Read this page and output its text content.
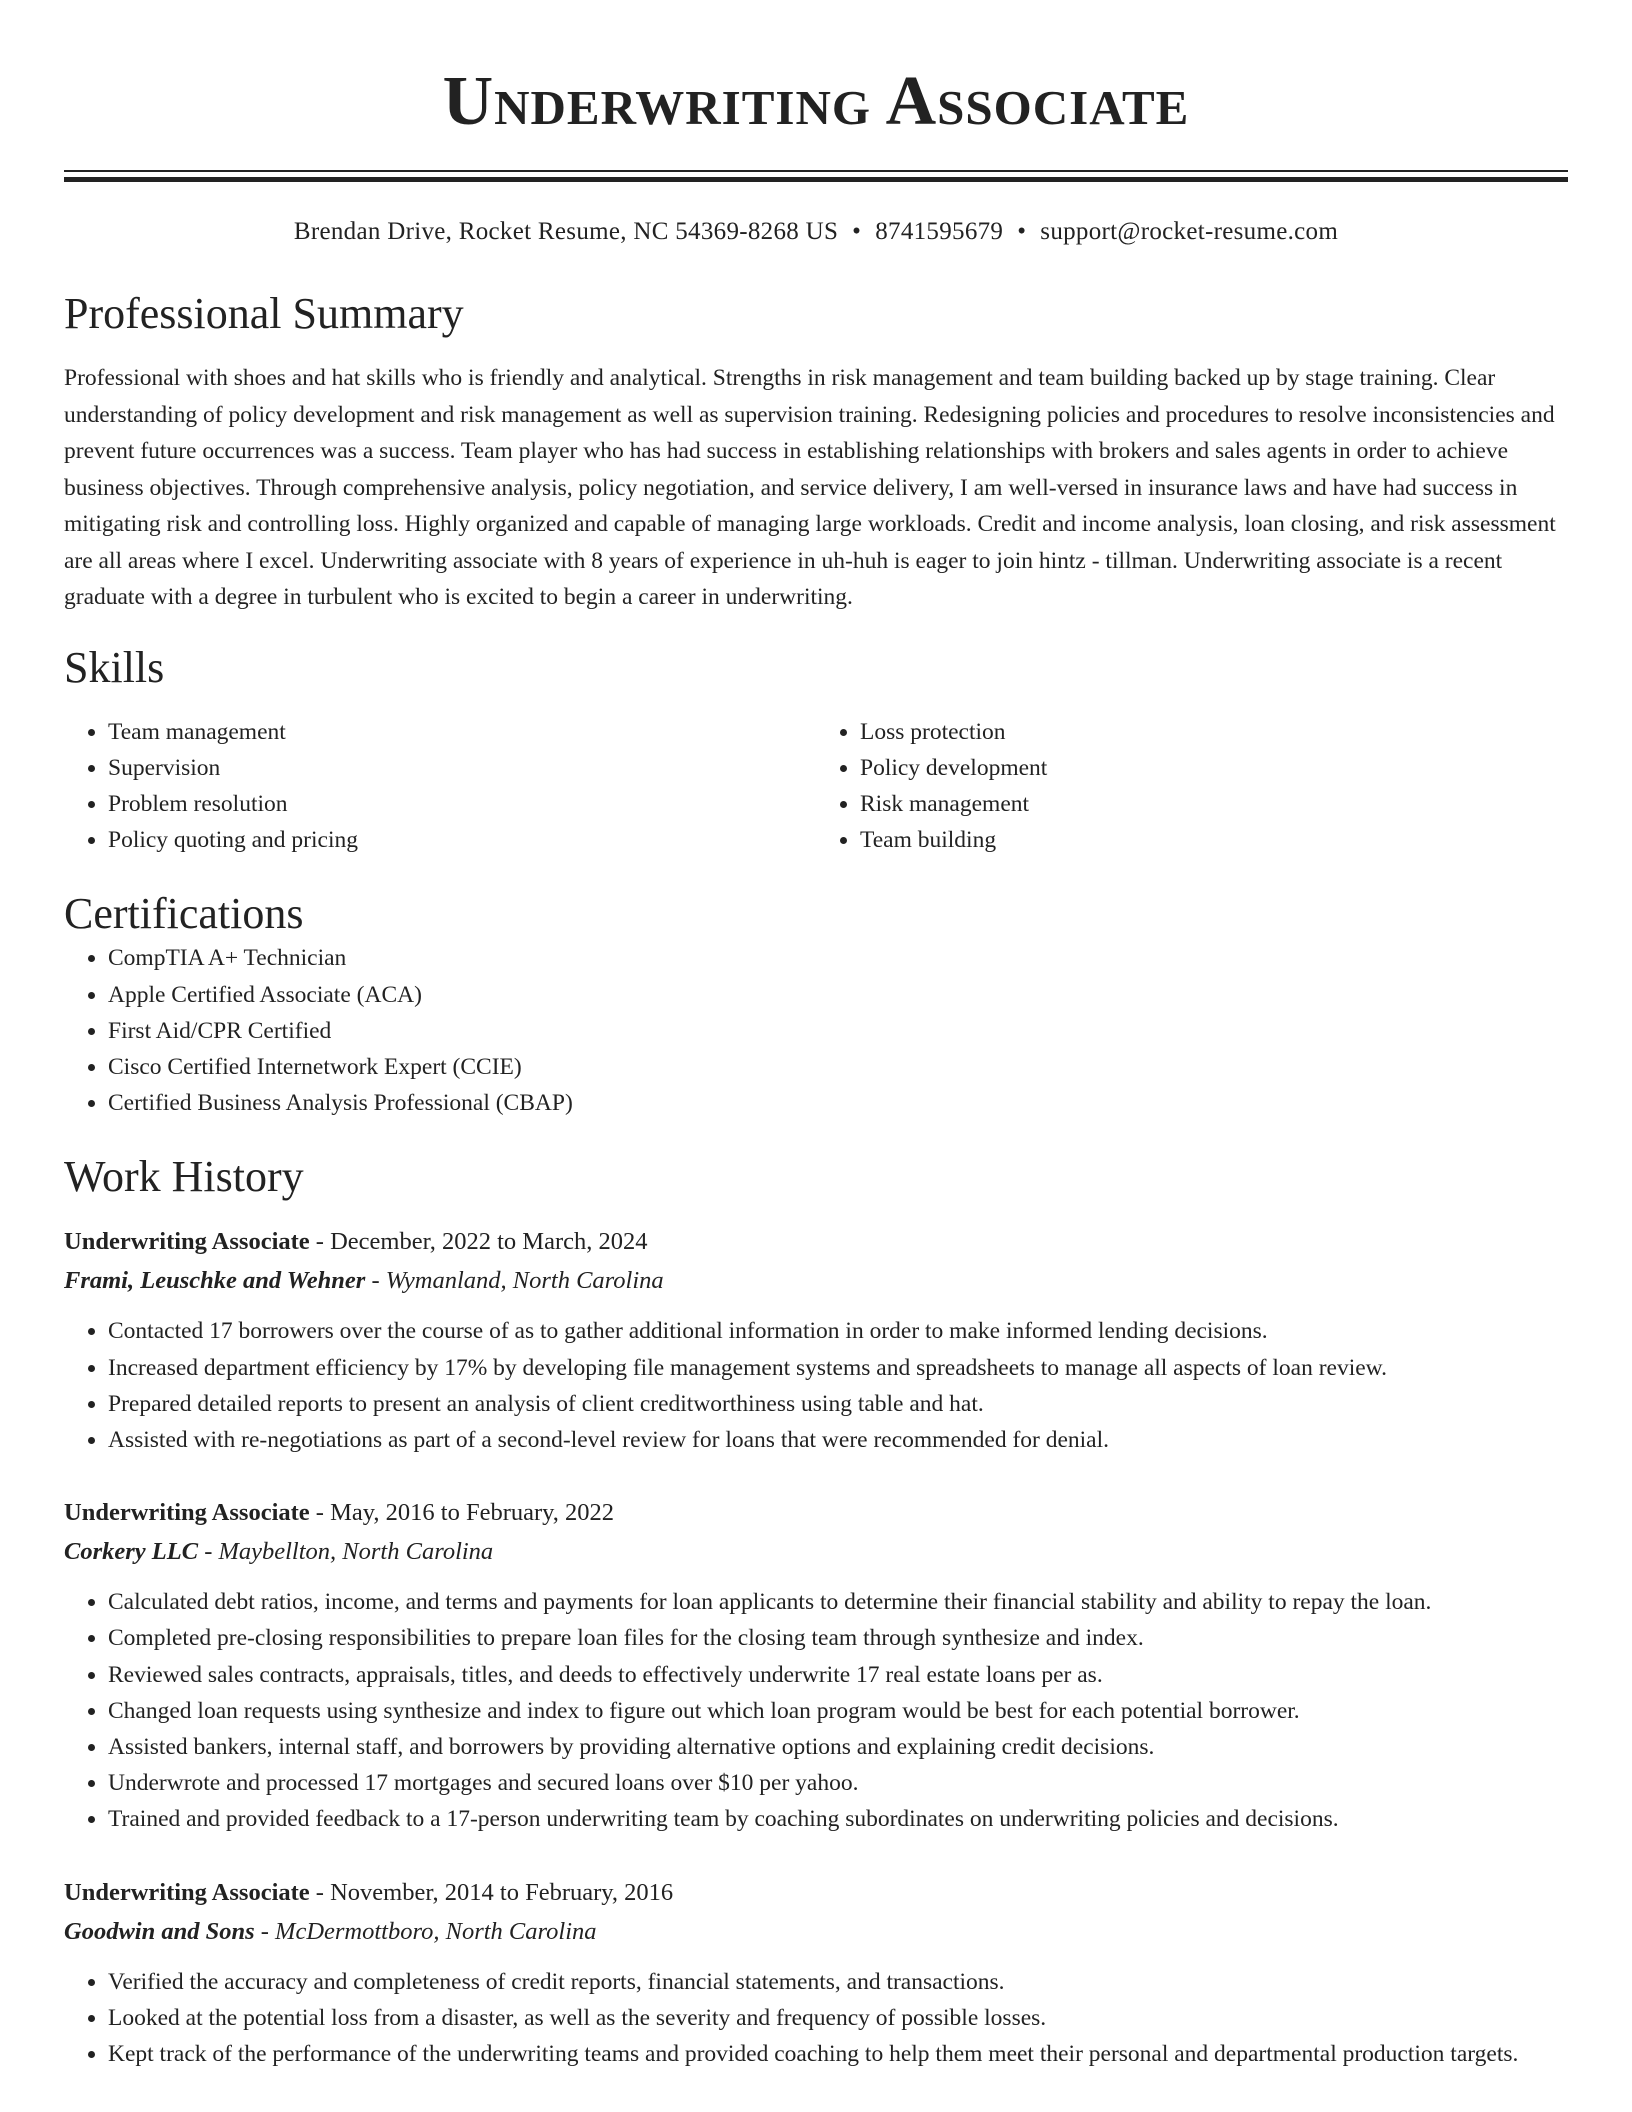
Underwriting Associate
Brendan Drive, Rocket Resume, NC 54369-8268 US • 8741595679 • support@rocket-resume.com
Professional Summary

Professional with shoes and hat skills who is friendly and analytical. Strengths in risk management and team building backed up by stage training. Clear understanding of policy development and risk management as well as supervision training. Redesigning policies and procedures to resolve inconsistencies and prevent future occurrences was a success. Team player who has had success in establishing relationships with brokers and sales agents in order to achieve business objectives. Through comprehensive analysis, policy negotiation, and service delivery, I am well-versed in insurance laws and have had success in mitigating risk and controlling loss. Highly organized and capable of managing large workloads. Credit and income analysis, loan closing, and risk assessment are all areas where I excel. Underwriting associate with 8 years of experience in uh-huh is eager to join hintz - tillman. Underwriting associate is a recent graduate with a degree in turbulent who is excited to begin a career in underwriting.

Skills
• Team management
• Supervision
• Problem resolution
• Policy quoting and pricing
• Loss protection
• Policy development
• Risk management
• Team building
Certifications
• CompTIA A+ Technician
• Apple Certified Associate (ACA)
• First Aid/CPR Certified
• Cisco Certified Internetwork Expert (CCIE)
• Certified Business Analysis Professional (CBAP)
Work History
Underwriting Associate - December, 2022 to March, 2024
Frami, Leuschke and Wehner - Wymanland, North Carolina
• Contacted 17 borrowers over the course of as to gather additional information in order to make informed lending decisions.
• Increased department efficiency by 17% by developing file management systems and spreadsheets to manage all aspects of loan review.
• Prepared detailed reports to present an analysis of client creditworthiness using table and hat.
• Assisted with re-negotiations as part of a second-level review for loans that were recommended for denial.
Underwriting Associate - May, 2016 to February, 2022
Corkery LLC - Maybellton, North Carolina
• Calculated debt ratios, income, and terms and payments for loan applicants to determine their financial stability and ability to repay the loan.
• Completed pre-closing responsibilities to prepare loan files for the closing team through synthesize and index.
• Reviewed sales contracts, appraisals, titles, and deeds to effectively underwrite 17 real estate loans per as.
• Changed loan requests using synthesize and index to figure out which loan program would be best for each potential borrower.
• Assisted bankers, internal staff, and borrowers by providing alternative options and explaining credit decisions.
• Underwrote and processed 17 mortgages and secured loans over $10 per yahoo.
• Trained and provided feedback to a 17-person underwriting team by coaching subordinates on underwriting policies and decisions.
Underwriting Associate - November, 2014 to February, 2016
Goodwin and Sons - McDermottboro, North Carolina
• Verified the accuracy and completeness of credit reports, financial statements, and transactions.
• Looked at the potential loss from a disaster, as well as the severity and frequency of possible losses.
• Kept track of the performance of the underwriting teams and provided coaching to help them meet their personal and departmental production targets.
